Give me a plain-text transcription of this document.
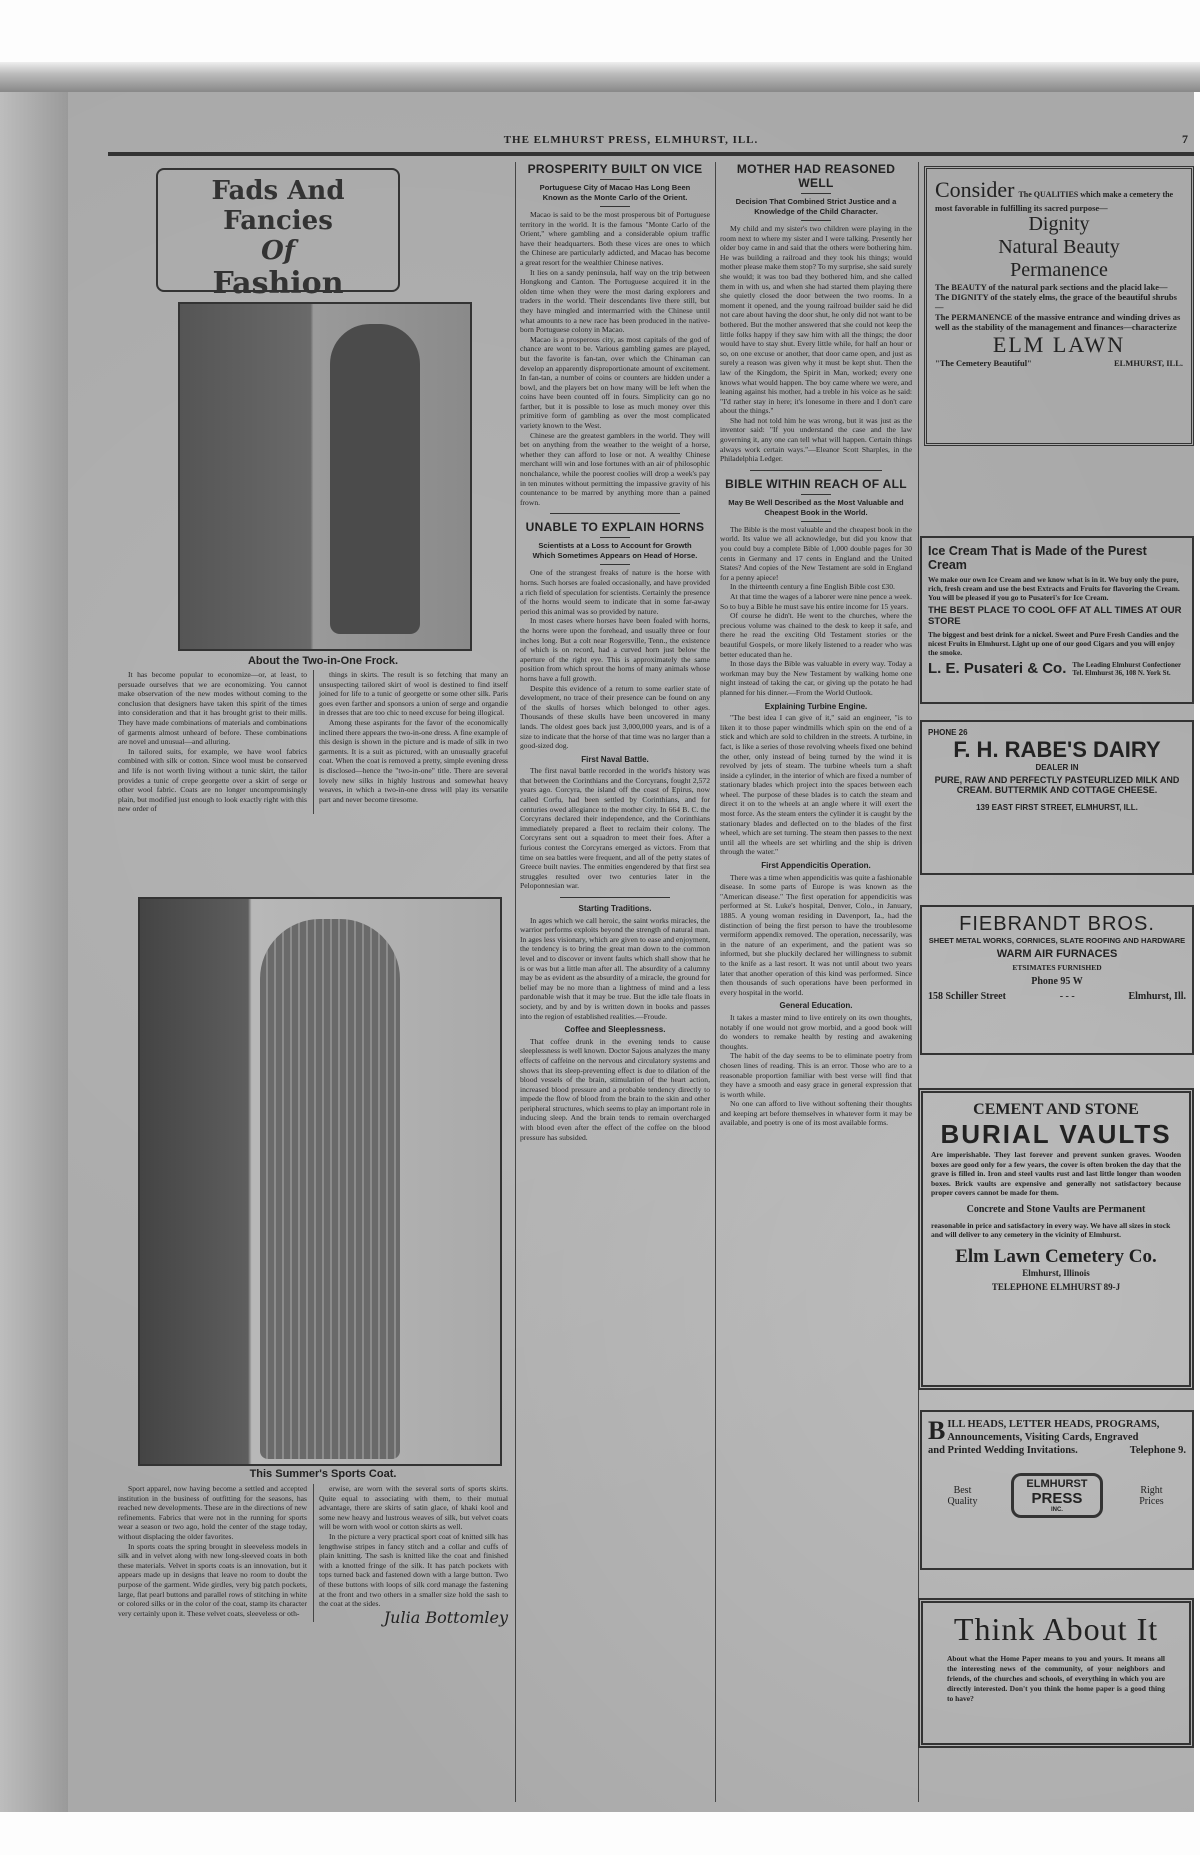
THE ELMHURST PRESS, ELMHURST, ILL.	7
Fads And Fancies
Of
Fashion
About the Two-in-One Frock.

It has become popular to economize—or, at least, to persuade ourselves that we are economizing. You cannot make observation of the new modes without coming to the conclusion that designers have taken this spirit of the times into consideration and that it has brought grist to their mills. They have made combinations of materials and combinations of garments almost unheard of before. These combinations are novel and unusual—and alluring.

In tailored suits, for example, we have wool fabrics combined with silk or cotton. Since wool must be conserved and life is not worth living without a tunic skirt, the tailor provides a tunic of crepe georgette over a skirt of serge or other wool fabric. Coats are no longer uncompromisingly plain, but modified just enough to look exactly right with this new order of

things in skirts. The result is so fetching that many an unsuspecting tailored skirt of wool is destined to find itself joined for life to a tunic of georgette or some other silk. Paris goes even farther and sponsors a union of serge and organdie in dresses that are too chic to need excuse for being illogical.

Among these aspirants for the favor of the economically inclined there appears the two-in-one dress. A fine example of this design is shown in the picture and is made of silk in two garments. It is a suit as pictured, with an unusually graceful coat. When the coat is removed a pretty, simple evening dress is disclosed—hence the "two-in-one" title. There are several lovely new silks in highly lustrous and somewhat heavy weaves, in which a two-in-one dress will play its versatile part and never become tiresome.

This Summer's Sports Coat.

Sport apparel, now having become a settled and accepted institution in the business of outfitting for the seasons, has reached new developments. These are in the directions of new refinements. Fabrics that were not in the running for sports wear a season or two ago, hold the center of the stage today, without displacing the older favorites.

In sports coats the spring brought in sleeveless models in silk and in velvet along with new long-sleeved coats in both these materials. Velvet in sports coats is an innovation, but it appears made up in designs that leave no room to doubt the purpose of the garment. Wide girdles, very big patch pockets, large, flat pearl buttons and parallel rows of stitching in white or colored silks or in the color of the coat, stamp its character very certainly upon it. These velvet coats, sleeveless or oth-

erwise, are worn with the several sorts of sports skirts. Quite equal to associating with them, to their mutual advantage, there are skirts of satin glace, of khaki kool and some new heavy and lustrous weaves of silk, but velvet coats will be worn with wool or cotton skirts as well.

In the picture a very practical sport coat of knitted silk has lengthwise stripes in fancy stitch and a collar and cuffs of plain knitting. The sash is knitted like the coat and finished with a knotted fringe of the silk. It has patch pockets with tops turned back and fastened down with a large button. Two of these buttons with loops of silk cord manage the fastening at the front and two others in a smaller size hold the sash to the coat at the sides.

Julia Bottomley
PROSPERITY BUILT ON VICE
Portuguese City of Macao Has Long Been Known as the Monte Carlo of the Orient.

Macao is said to be the most prosperous bit of Portuguese territory in the world. It is the famous "Monte Carlo of the Orient," where gambling and a considerable opium traffic have their headquarters. Both these vices are ones to which the Chinese are particularly addicted, and Macao has become a great resort for the wealthier Chinese natives.

It lies on a sandy peninsula, half way on the trip between Hongkong and Canton. The Portuguese acquired it in the olden time when they were the most daring explorers and traders in the world. Their descendants live there still, but they have mingled and intermarried with the Chinese until what amounts to a new race has been produced in the native-born Portuguese colony in Macao.

Macao is a prosperous city, as most capitals of the god of chance are wont to be. Various gambling games are played, but the favorite is fan-tan, over which the Chinaman can develop an apparently disproportionate amount of excitement. In fan-tan, a number of coins or counters are hidden under a bowl, and the players bet on how many will be left when the coins have been counted off in fours. Simplicity can go no farther, but it is possible to lose as much money over this primitive form of gambling as over the most complicated variety known to the West.

Chinese are the greatest gamblers in the world. They will bet on anything from the weather to the weight of a horse, whether they can afford to lose or not. A wealthy Chinese merchant will win and lose fortunes with an air of philosophic nonchalance, while the poorest coolies will drop a week's pay in ten minutes without permitting the impassive gravity of his countenance to be marred by anything more than a pained frown.

UNABLE TO EXPLAIN HORNS
Scientists at a Loss to Account for Growth Which Sometimes Appears on Head of Horse.

One of the strangest freaks of nature is the horse with horns. Such horses are foaled occasionally, and have provided a rich field of speculation for scientists. Certainly the presence of the horns would seem to indicate that in some far-away period this animal was so provided by nature.

In most cases where horses have been foaled with horns, the horns were upon the forehead, and usually three or four inches long. But a colt near Rogersville, Tenn., the existence of which is on record, had a curved horn just below the aperture of the right eye. This is approximately the same position from which sprout the horns of many animals whose horns have a full growth.

Despite this evidence of a return to some earlier state of development, no trace of their presence can be found on any of the skulls of horses which belonged to other ages. Thousands of these skulls have been uncovered in many lands. The oldest goes back just 3,000,000 years, and is of a size to indicate that the horse of that time was no larger than a good-sized dog.

First Naval Battle.

The first naval battle recorded in the world's history was that between the Corinthians and the Corcyrans, fought 2,572 years ago. Corcyra, the island off the coast of Epirus, now called Corfu, had been settled by Corinthians, and for centuries owed allegiance to the mother city. In 664 B. C. the Corcyrans declared their independence, and the Corinthians immediately prepared a fleet to reclaim their colony. The Corcyrans sent out a squadron to meet their foes. After a furious contest the Corcyrans emerged as victors. From that time on sea battles were frequent, and all of the petty states of Greece built navies. The enmities engendered by that first sea struggles resulted over two centuries later in the Peloponnesian war.

Starting Traditions.

In ages which we call heroic, the saint works miracles, the warrior performs exploits beyond the strength of natural man. In ages less visionary, which are given to ease and enjoyment, the tendency is to bring the great man down to the common level and to discover or invent faults which shall show that he is or was but a little man after all. The absurdity of a calumny may be as evident as the absurdity of a miracle, the ground for belief may be no more than a lightness of mind and a less pardonable wish that it may be true. But the idle tale floats in society, and by and by is written down in books and passes into the region of established realities.—Froude.

Coffee and Sleeplessness.

That coffee drunk in the evening tends to cause sleeplessness is well known. Doctor Sajous analyzes the many effects of caffeine on the nervous and circulatory systems and shows that its sleep-preventing effect is due to dilation of the blood vessels of the brain, stimulation of the heart action, increased blood pressure and a probable tendency directly to impede the flow of blood from the brain to the skin and other peripheral structures, which seems to play an important role in inducing sleep. And the brain tends to remain overcharged with blood even after the effect of the coffee on the blood pressure has subsided.

MOTHER HAD REASONED WELL
Decision That Combined Strict Justice and a Knowledge of the Child Character.

My child and my sister's two children were playing in the room next to where my sister and I were talking. Presently her older boy came in and said that the others were bothering him. He was building a railroad and they took his things; would mother please make them stop? To my surprise, she said surely she would; it was too bad they bothered him, and she called them in with us, and when she had started them playing there she quietly closed the door between the two rooms. In a moment it opened, and the young railroad builder said he did not care about having the door shut, he only did not want to be bothered. But the mother answered that she could not keep the little folks happy if they saw him with all the things; the door would have to stay shut. Every little while, for half an hour or so, on one excuse or another, that door came open, and just as surely a reason was given why it must be kept shut. Then the law of the Kingdom, the Spirit in Man, worked; every one knows what would happen. The boy came where we were, and leaning against his mother, had a treble in his voice as he said: "I'd rather stay in here; it's lonesome in there and I don't care about the things."

She had not told him he was wrong, but it was just as the inventor said: "If you understand the case and the law governing it, any one can tell what will happen. Certain things always work certain ways."—Eleanor Scott Sharples, in the Philadelphia Ledger.

BIBLE WITHIN REACH OF ALL
May Be Well Described as the Most Valuable and Cheapest Book in the World.

The Bible is the most valuable and the cheapest book in the world. Its value we all acknowledge, but did you know that you could buy a complete Bible of 1,000 double pages for 30 cents in Germany and 17 cents in England and the United States? And copies of the New Testament are sold in England for a penny apiece!

In the thirteenth century a fine English Bible cost £30.

At that time the wages of a laborer were nine pence a week. So to buy a Bible he must save his entire income for 15 years.

Of course he didn't. He went to the churches, where the precious volume was chained to the desk to keep it safe, and there he read the exciting Old Testament stories or the beautiful Gospels, or more likely listened to a reader who was better educated than he.

In those days the Bible was valuable in every way. Today a workman may buy the New Testament by walking home one night instead of taking the car, or giving up the potato he had planned for his dinner.—From the World Outlook.

Explaining Turbine Engine.

"The best idea I can give of it," said an engineer, "is to liken it to those paper windmills which spin on the end of a stick and which are sold to children in the streets. A turbine, in fact, is like a series of those revolving wheels fixed one behind the other, only instead of being turned by the wind it is revolved by jets of steam. The turbine wheels turn a shaft inside a cylinder, in the interior of which are fixed a number of stationary blades which project into the spaces between each wheel. The purpose of these blades is to catch the steam and direct it on to the wheels at an angle where it will exert the most force. As the steam enters the cylinder it is caught by the stationary blades and deflected on to the blades of the first wheel, which are set turning. The steam then passes to the next until all the wheels are set whirling and the ship is driven through the water."

First Appendicitis Operation.

There was a time when appendicitis was quite a fashionable disease. In some parts of Europe is was known as the "American disease." The first operation for appendicitis was performed at St. Luke's hospital, Denver, Colo., in January, 1885. A young woman residing in Davenport, Ia., had the distinction of being the first person to have the troublesome vermiform appendix removed. The operation, necessarily, was in the nature of an experiment, and the patient was so informed, but she pluckily declared her willingness to submit to the knife as a last resort. It was not until about two years later that another operation of this kind was performed. Since then thousands of such operations have been performed in every hospital in the world.

General Education.

It takes a master mind to live entirely on its own thoughts, notably if one would not grow morbid, and a good book will do wonders to remake health by resting and awakening thoughts.

The habit of the day seems to be to eliminate poetry from chosen lines of reading. This is an error. Those who are to a reasonable proportion familiar with best verse will find that they have a smooth and easy grace in general expression that is worth while.

No one can afford to live without softening their thoughts and keeping art before themselves in whatever form it may be available, and poetry is one of its most available forms.

Consider The QUALITIES which make a cemetery the
most favorable in fulfilling its sacred purpose—
Dignity
Natural Beauty
Permanence
The BEAUTY of the natural park sections and the placid lake—
The DIGNITY of the stately elms, the grace of the beautiful shrubs—
The PERMANENCE of the massive entrance and winding drives as well as the stability of the management and finances—characterize
ELM LAWN
"The Cemetery Beautiful"	ELMHURST, ILL.
Ice Cream That is Made of the Purest Cream
We make our own Ice Cream and we know what is in it. We buy only the pure, rich, fresh cream and use the best Extracts and Fruits for flavoring the Cream. You will be pleased if you go to Pusateri's for Ice Cream.
THE BEST PLACE TO COOL OFF AT ALL TIMES AT OUR STORE
The biggest and best drink for a nickel. Sweet and Pure Fresh Candies and the nicest Fruits in Elmhurst. Light up one of our good Cigars and you will enjoy the smoke.
L. E. Pusateri & Co. The Leading Elmhurst Confectioner
Tel. Elmhurst 36, 108 N. York St.
PHONE 26
F. H. RABE'S DAIRY
DEALER IN
PURE, RAW AND PERFECTLY PASTEURLIZED MILK AND CREAM. BUTTERMIK AND COTTAGE CHEESE.
139 EAST FIRST STREET, ELMHURST, ILL.
FIEBRANDT BROS.
SHEET METAL WORKS, CORNICES, SLATE ROOFING AND HARDWARE
WARM AIR FURNACES
ETSIMATES FURNISHED
Phone 95 W
158 Schiller Street	- - -	Elmhurst, Ill.
CEMENT AND STONE
BURIAL VAULTS
Are imperishable. They last forever and prevent sunken graves. Wooden boxes are good only for a few years, the cover is often broken the day that the grave is filled in. Iron and steel vaults rust and last little longer than wooden boxes. Brick vaults are expensive and generally not satisfactory because proper covers cannot be made for them.
Concrete and Stone Vaults are Permanent
reasonable in price and satisfactory in every way. We have all sizes in stock and will deliver to any cemetery in the vicinity of Elmhurst.
Elm Lawn Cemetery Co.
Elmhurst, Illinois
TELEPHONE ELMHURST 89-J
B ILL HEADS, LETTER HEADS, PROGRAMS,
Announcements, Visiting Cards, Engraved
and Printed Wedding Invitations.	Telephone 9.
Best Quality
ELMHURST
PRESS
INC.
Right Prices
Think About It
About what the Home Paper means to you and yours. It means all the interesting news of the community, of your neighbors and friends, of the churches and schools, of everything in which you are directly interested. Don't you think the home paper is a good thing to have?
